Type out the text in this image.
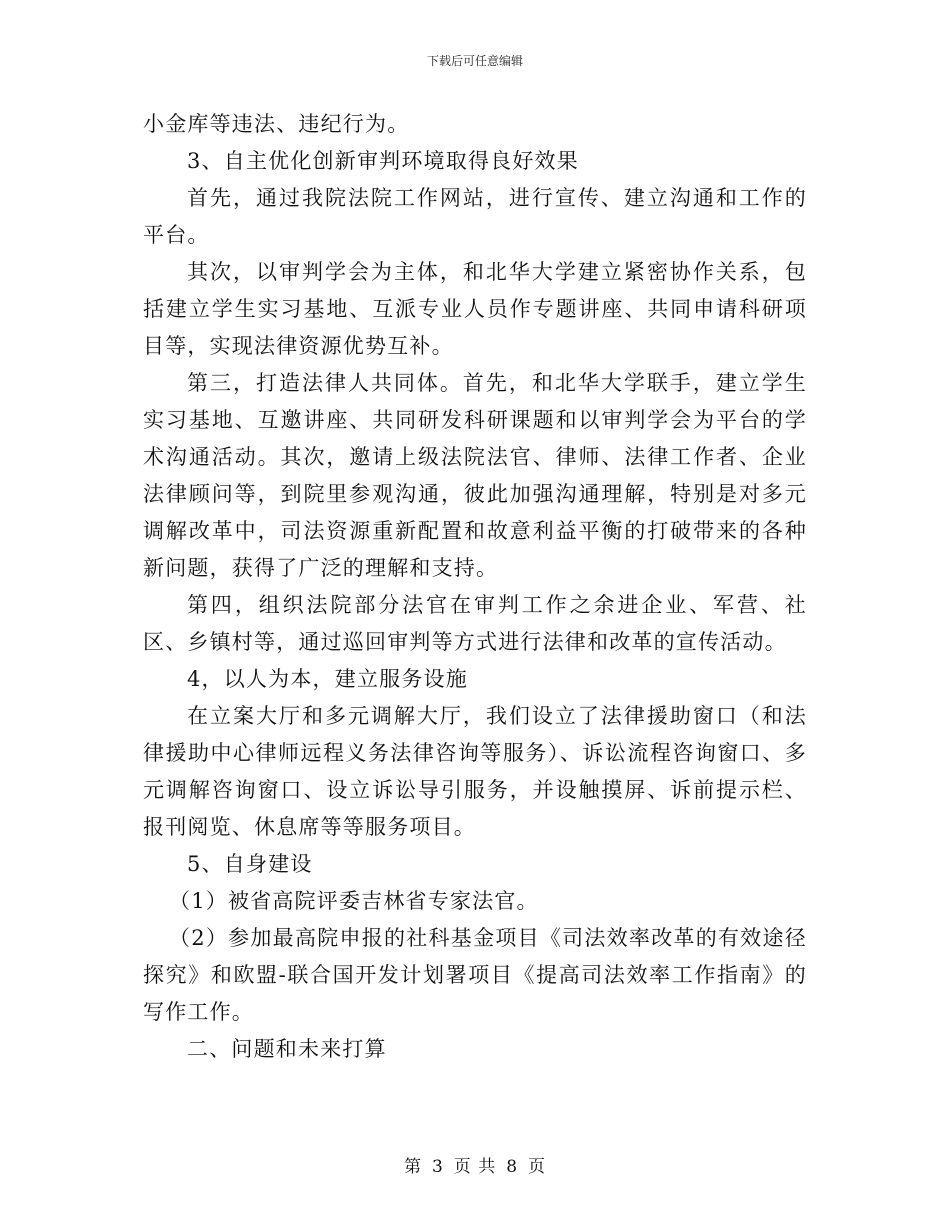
下载后可任意编辑

小金库等违法、违纪行为。

3、自主优化创新审判环境取得良好效果

首先，通过我院法院工作网站，进行宣传、建立沟通和工作的平台。

其次，以审判学会为主体，和北华大学建立紧密协作关系，包括建立学生实习基地、互派专业人员作专题讲座、共同申请科研项目等，实现法律资源优势互补。

第三，打造法律人共同体。首先，和北华大学联手，建立学生实习基地、互邀讲座、共同研发科研课题和以审判学会为平台的学术沟通活动。其次，邀请上级法院法官、律师、法律工作者、企业法律顾问等，到院里参观沟通，彼此加强沟通理解，特别是对多元调解改革中，司法资源重新配置和故意利益平衡的打破带来的各种新问题，获得了广泛的理解和支持。

第四，组织法院部分法官在审判工作之余进企业、军营、社区、乡镇村等，通过巡回审判等方式进行法律和改革的宣传活动。

4，以人为本，建立服务设施

在立案大厅和多元调解大厅，我们设立了法律援助窗口（和法律援助中心律师远程义务法律咨询等服务）、诉讼流程咨询窗口、多元调解咨询窗口、设立诉讼导引服务，并设触摸屏、诉前提示栏、报刊阅览、休息席等等服务项目。

5、自身建设

（1）被省高院评委吉林省专家法官。

（2）参加最高院申报的社科基金项目《司法效率改革的有效途径探究》和欧盟-联合国开发计划署项目《提高司法效率工作指南》的写作工作。

二、问题和未来打算

第 3 页 共 8 页
